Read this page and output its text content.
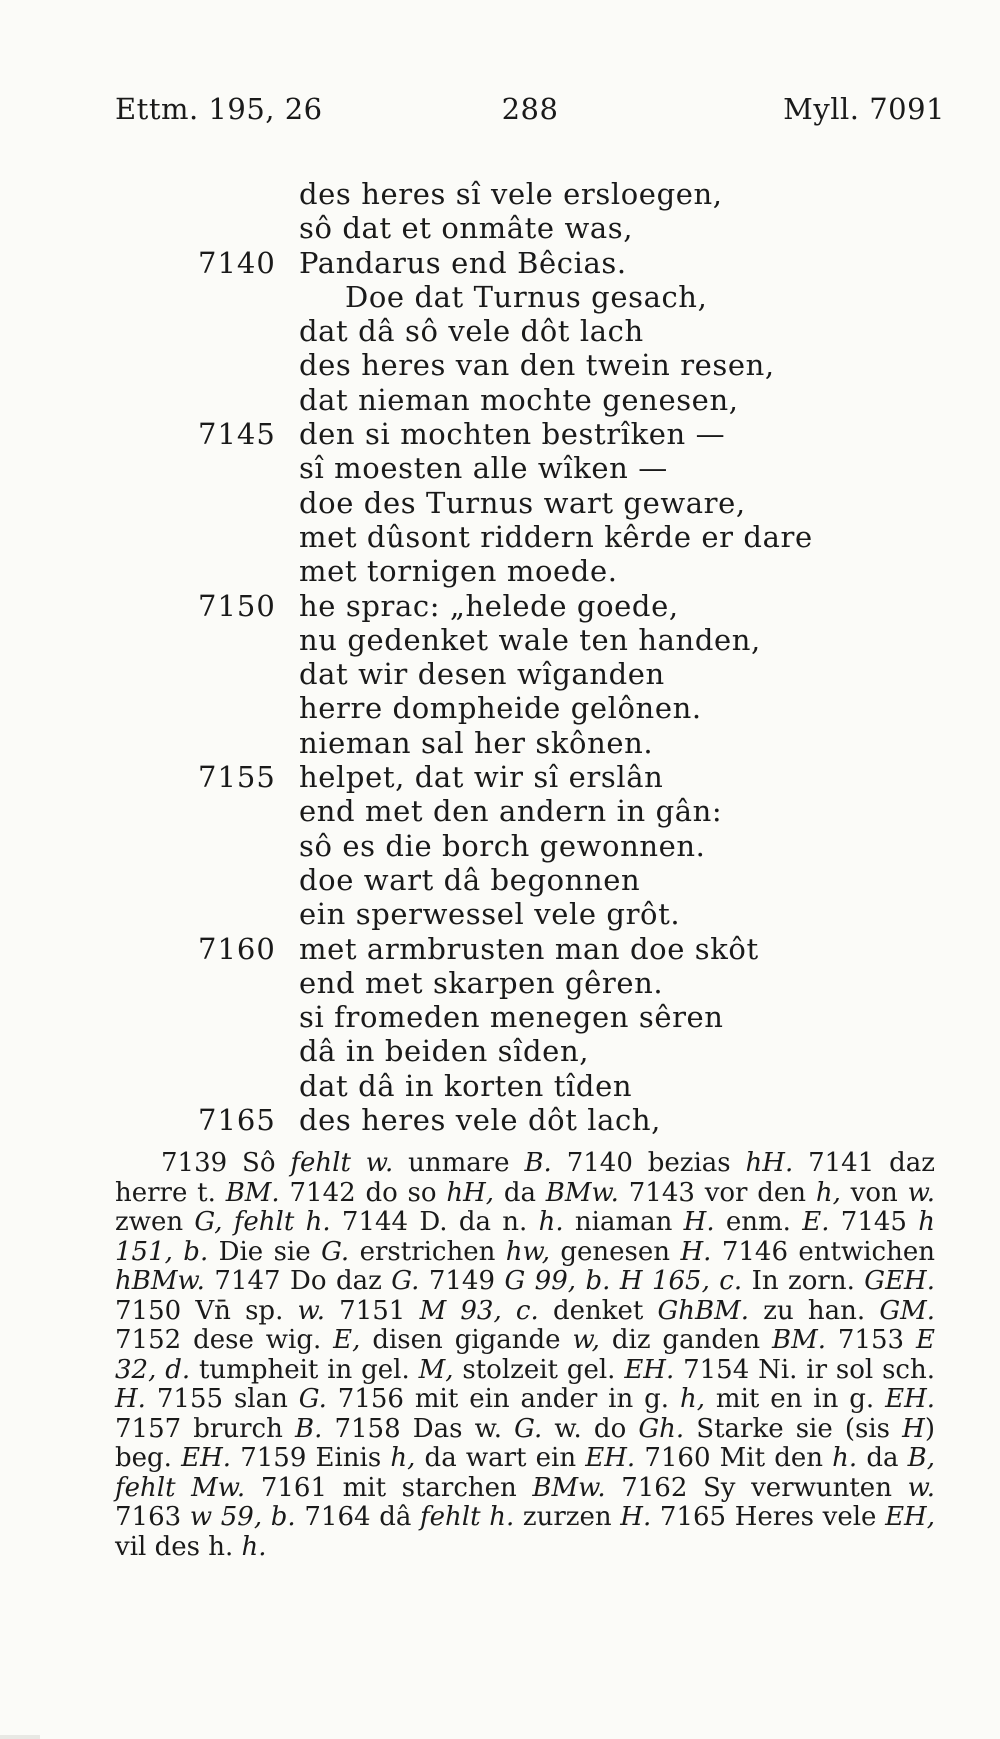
Ettm. 195, 26	288	Myll. 7091
des heres sî vele ersloegen,
sô dat et onmâte was,
7140 Pandarus end Bêcias.
Doe dat Turnus gesach,
dat dâ sô vele dôt lach
des heres van den twein resen,
dat nieman mochte genesen,
7145 den si mochten bestrîken —
sî moesten alle wîken —
doe des Turnus wart geware,
met dûsont riddern kêrde er dare
met tornigen moede.
7150 he sprac: „helede goede,
nu gedenket wale ten handen,
dat wir desen wîganden
herre dompheide gelônen.
nieman sal her skônen.
7155 helpet, dat wir sî erslân
end met den andern in gân:
sô es die borch gewonnen.
doe wart dâ begonnen
ein sperwessel vele grôt.
7160 met armbrusten man doe skôt
end met skarpen gêren.
si fromeden menegen sêren
dâ in beiden sîden,
dat dâ in korten tîden
7165 des heres vele dôt lach,
7139 Sô fehlt w. unmare B. 7140 bezias hH. 7141 daz herre t. BM. 7142 do so hH, da BMw. 7143 vor den h, von w. zwen G, fehlt h. 7144 D. da n. h. niaman H. enm. E. 7145 h 151, b. Die sie G. erstrichen hw, genesen H. 7146 entwichen hBMw. 7147 Do daz G. 7149 G 99, b. H 165, c. In zorn. GEH. 7150 Vn̄ sp. w. 7151 M 93, c. denket GhBM. zu han. GM. 7152 dese wig. E, disen gigande w, diz ganden BM. 7153 E 32, d. tumpheit in gel. M, stolzeit gel. EH. 7154 Ni. ir sol sch. H. 7155 slan G. 7156 mit ein ander in g. h, mit en in g. EH. 7157 brurch B. 7158 Das w. G. w. do Gh. Starke sie (sis H) beg. EH. 7159 Einis h, da wart ein EH. 7160 Mit den h. da B, fehlt Mw. 7161 mit starchen BMw. 7162 Sy verwunten w. 7163 w 59, b. 7164 dâ fehlt h. zurzen H. 7165 Heres vele EH, vil des h. h.
